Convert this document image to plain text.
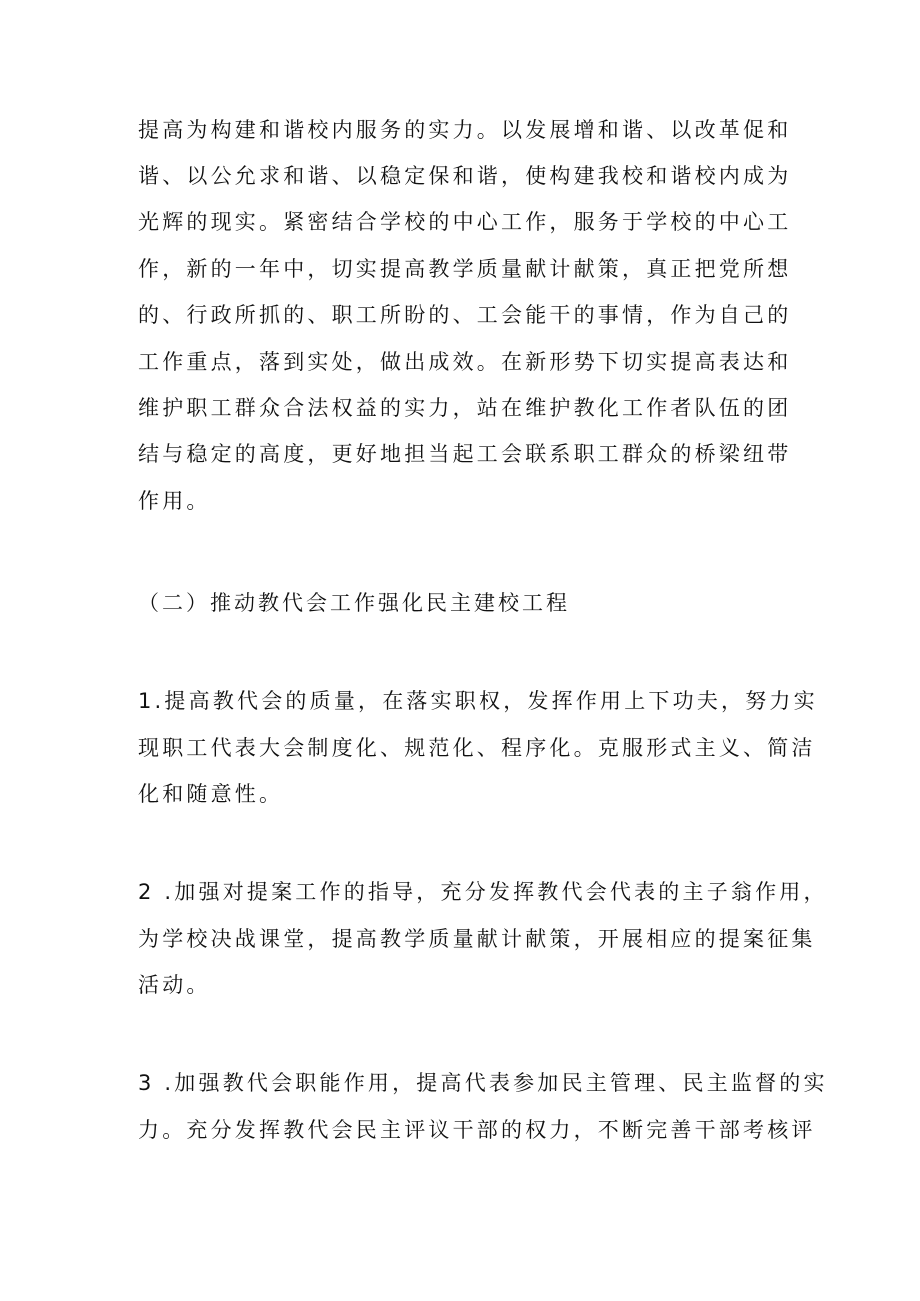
提高为构建和谐校内服务的实力。以发展增和谐、以改革促和
谐、以公允求和谐、以稳定保和谐，使构建我校和谐校内成为
光辉的现实。紧密结合学校的中心工作，服务于学校的中心工
作，新的一年中，切实提高教学质量献计献策，真正把党所想
的、行政所抓的、职工所盼的、工会能干的事情，作为自己的
工作重点，落到实处，做出成效。在新形势下切实提高表达和
维护职工群众合法权益的实力，站在维护教化工作者队伍的团
结与稳定的高度，更好地担当起工会联系职工群众的桥梁纽带
作用。
（二）推动教代会工作强化民主建校工程
1.提高教代会的质量，在落实职权，发挥作用上下功夫，努力实
现职工代表大会制度化、规范化、程序化。克服形式主义、简洁
化和随意性。
2 .加强对提案工作的指导，充分发挥教代会代表的主子翁作用，
为学校决战课堂，提高教学质量献计献策，开展相应的提案征集
活动。
3 .加强教代会职能作用，提高代表参加民主管理、民主监督的实
力。充分发挥教代会民主评议干部的权力，不断完善干部考核评
